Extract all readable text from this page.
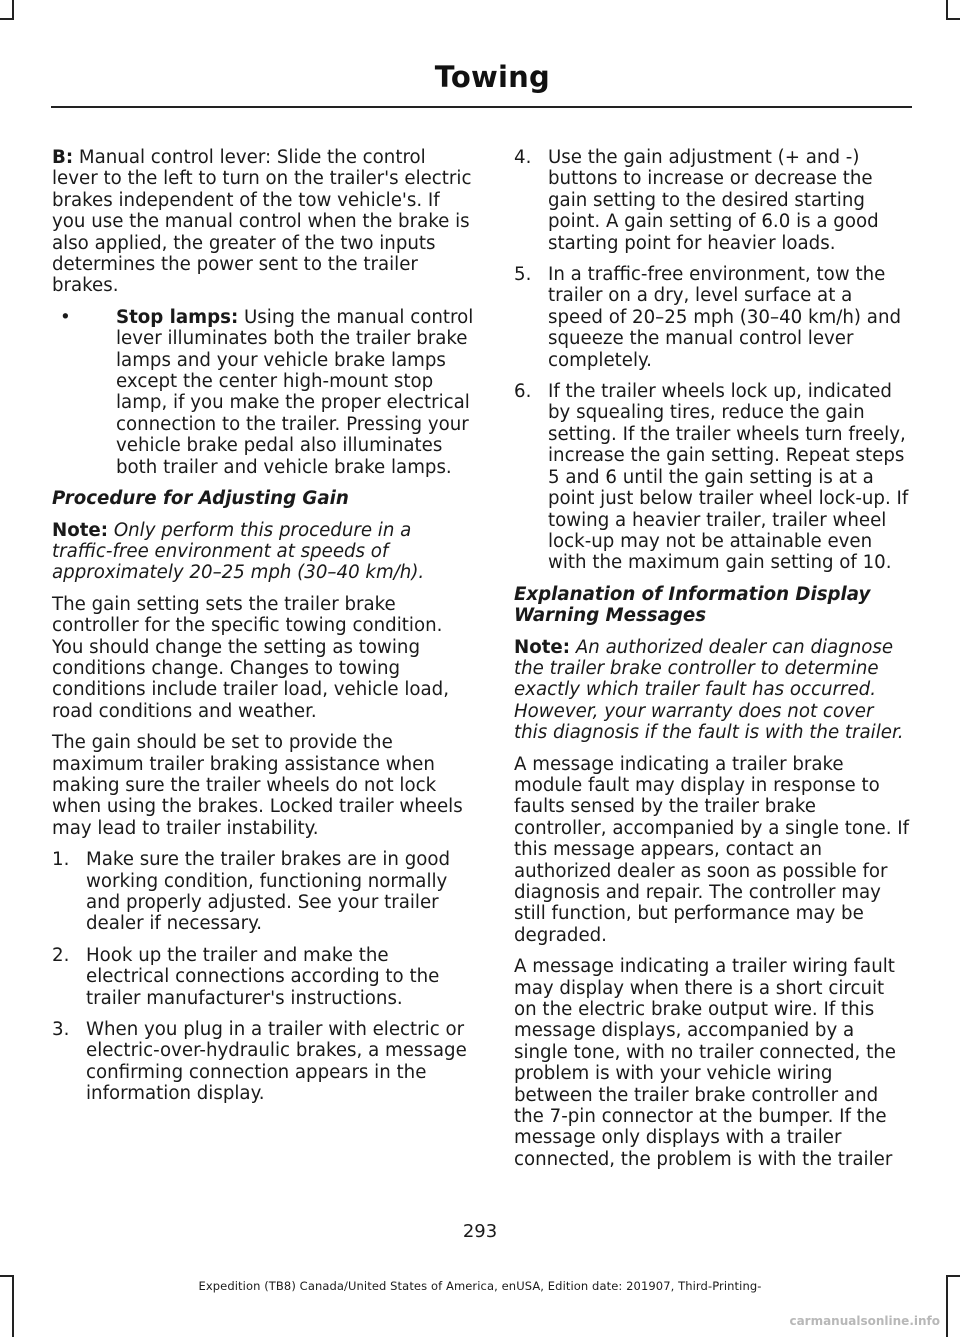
Towing

B: Manual control lever: Slide the control lever to the left to turn on the trailer's electric brakes independent of the tow vehicle's. If you use the manual control when the brake is also applied, the greater of the two inputs determines the power sent to the trailer brakes.

•	Stop lamps: Using the manual control lever illuminates both the trailer brake lamps and your vehicle brake lamps except the center high-mount stop lamp, if you make the proper electrical connection to the trailer. Pressing your vehicle brake pedal also illuminates both trailer and vehicle brake lamps.
Procedure for Adjusting Gain

Note: Only perform this procedure in a traffic-free environment at speeds of approximately 20–25 mph (30–40 km/h).

The gain setting sets the trailer brake controller for the specific towing condition. You should change the setting as towing conditions change. Changes to towing conditions include trailer load, vehicle load, road conditions and weather.

The gain should be set to provide the maximum trailer braking assistance when making sure the trailer wheels do not lock when using the brakes. Locked trailer wheels may lead to trailer instability.

1. Make sure the trailer brakes are in good working condition, functioning normally and properly adjusted. See your trailer dealer if necessary.
2. Hook up the trailer and make the electrical connections according to the trailer manufacturer's instructions.
3. When you plug in a trailer with electric or electric-over-hydraulic brakes, a message confirming connection appears in the information display.
4. Use the gain adjustment (+ and -) buttons to increase or decrease the gain setting to the desired starting point. A gain setting of 6.0 is a good starting point for heavier loads.
5. In a traffic-free environment, tow the trailer on a dry, level surface at a speed of 20–25 mph (30–40 km/h) and squeeze the manual control lever completely.
6. If the trailer wheels lock up, indicated by squealing tires, reduce the gain setting. If the trailer wheels turn freely, increase the gain setting. Repeat steps 5 and 6 until the gain setting is at a point just below trailer wheel lock-up. If towing a heavier trailer, trailer wheel lock-up may not be attainable even with the maximum gain setting of 10.
Explanation of Information Display Warning Messages

Note: An authorized dealer can diagnose the trailer brake controller to determine exactly which trailer fault has occurred. However, your warranty does not cover this diagnosis if the fault is with the trailer.

A message indicating a trailer brake module fault may display in response to faults sensed by the trailer brake controller, accompanied by a single tone. If this message appears, contact an authorized dealer as soon as possible for diagnosis and repair. The controller may still function, but performance may be degraded.

A message indicating a trailer wiring fault may display when there is a short circuit on the electric brake output wire. If this message displays, accompanied by a single tone, with no trailer connected, the problem is with your vehicle wiring between the trailer brake controller and the 7-pin connector at the bumper. If the message only displays with a trailer connected, the problem is with the trailer

293
Expedition (TB8) Canada/United States of America, enUSA, Edition date: 201907, Third-Printing-
carmanualsonline.info
